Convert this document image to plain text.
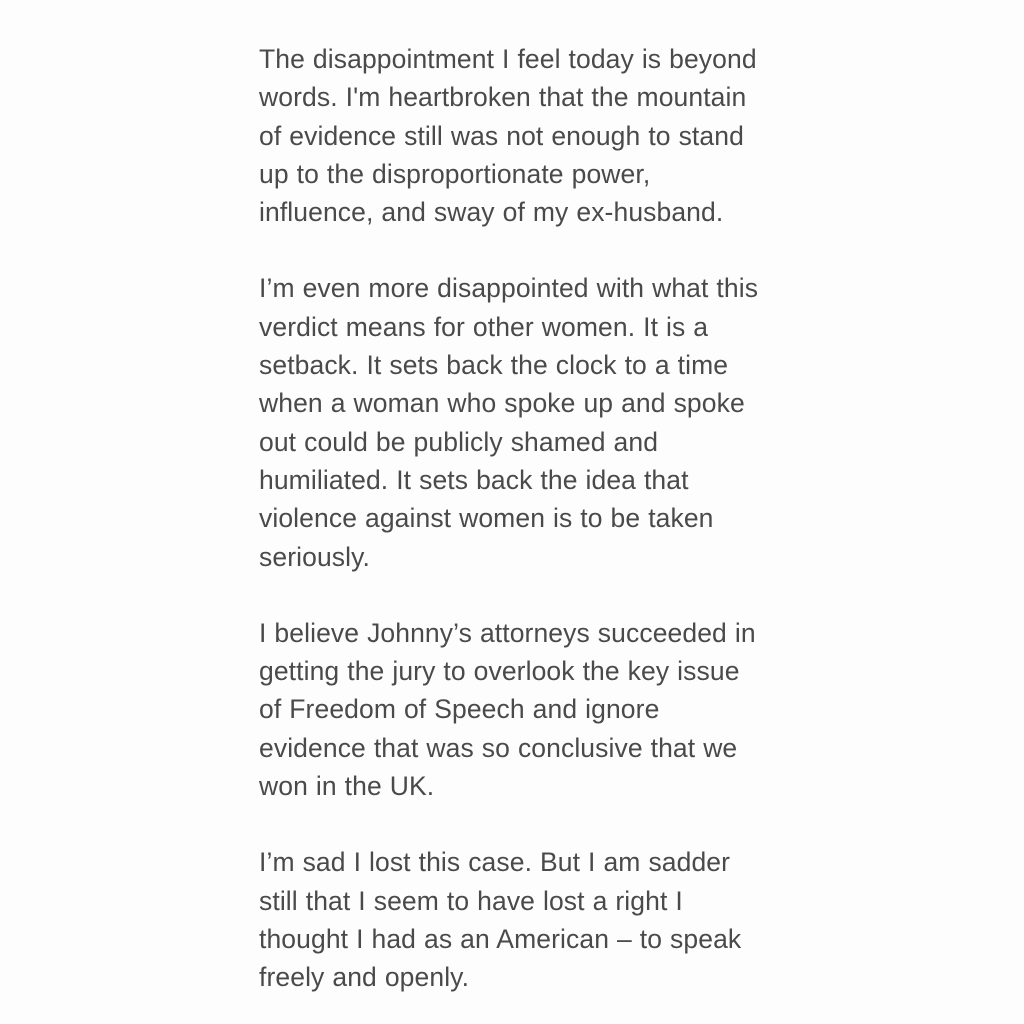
The disappointment I feel today is beyond words. I'm heartbroken that the mountain of evidence still was not enough to stand up to the disproportionate power, influence, and sway of my ex-husband.

I’m even more disappointed with what this verdict means for other women. It is a setback. It sets back the clock to a time when a woman who spoke up and spoke out could be publicly shamed and humiliated. It sets back the idea that violence against women is to be taken seriously.

I believe Johnny’s attorneys succeeded in getting the jury to overlook the key issue of Freedom of Speech and ignore evidence that was so conclusive that we won in the UK.

I’m sad I lost this case. But I am sadder still that I seem to have lost a right I thought I had as an American – to speak freely and openly.
